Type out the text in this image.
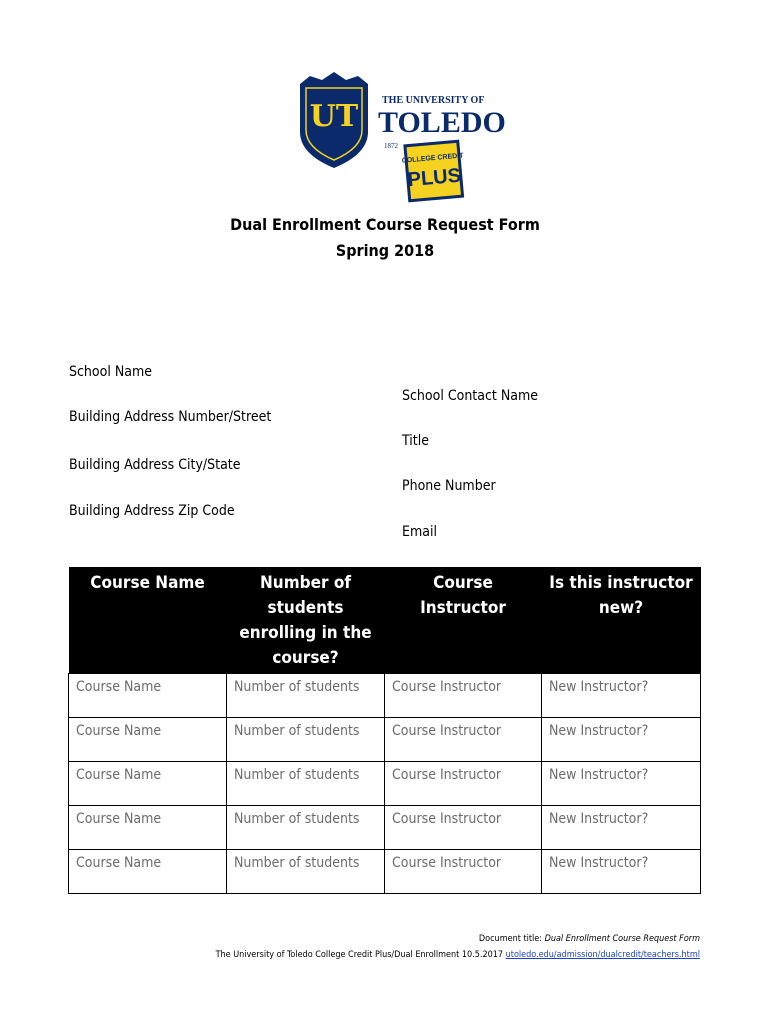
UT THE UNIVERSITY OF
TOLEDO
1872
COLLEGE CREDIT
PLUS
Dual Enrollment Course Request Form
Spring 2018
School Name
Building Address Number/Street
Building Address City/State
Building Address Zip Code
School Contact Name
Title
Phone Number
Email
Course Name	Number of students enrolling in the course?	Course Instructor	Is this instructor new?
Course Name	Number of students	Course Instructor	New Instructor?
Course Name	Number of students	Course Instructor	New Instructor?
Course Name	Number of students	Course Instructor	New Instructor?
Course Name	Number of students	Course Instructor	New Instructor?
Course Name	Number of students	Course Instructor	New Instructor?
Document title: Dual Enrollment Course Request Form
The University of Toledo College Credit Plus/Dual Enrollment 10.5.2017 utoledo.edu/admission/dualcredit/teachers.html
